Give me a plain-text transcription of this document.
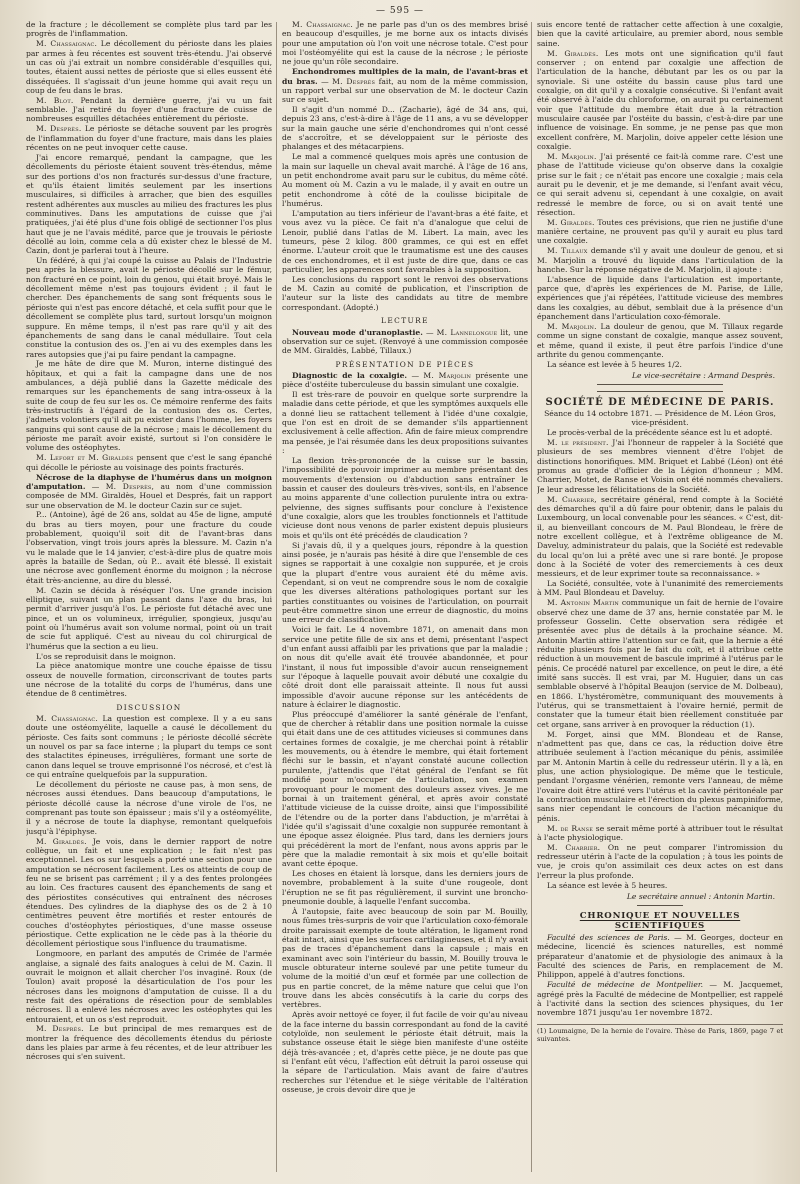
— 595 —

de la fracture ; le décollement se complète plus tard par les progrès de l'inflammation.

M. Chassaignac. Le décollement du périoste dans les plaies par armes à feu récentes est souvent très-étendu. J'ai observé un cas où j'ai extrait un nombre considérable d'esquilles qui, toutes, étaient aussi nettes de périoste que si elles eussent été disséquées. Il s'agissait d'un jeune homme qui avait reçu un coup de feu dans le bras.

M. Blot. Pendant la dernière guerre, j'ai vu un fait semblable. J'ai retiré du foyer d'une fracture de cuisse de nombreuses esquilles détachées entièrement du périoste.

M. Desprès. Le périoste se détache souvent par les progrès de l'inflammation du foyer d'une fracture, mais dans les plaies récentes on ne peut invoquer cette cause.

J'ai encore remarqué, pendant la campagne, que les décollements du périoste étaient souvent très-étendus, même sur des portions d'os non fracturés sur-dessus d'une fracture, et qu'ils étaient limités seulement par les insertions musculaires, si difficiles à arracher, que bien des esquilles restent adhérentes aux muscles au milieu des fractures les plus comminutives. Dans les amputations de cuisse que j'ai pratiquées, j'ai été plus d'une fois obligé de sectionner l'os plus haut que je ne l'avais médité, parce que je trouvais le périoste décollé au loin, comme cela a dû exister chez le blessé de M. Cazin, dont je parlerai tout à l'heure.

Un fédéré, à qui j'ai coupé la cuisse au Palais de l'Industrie peu après la blessure, avait le périoste décollé sur le fémur, non fracturé en ce point, loin du genou, qui était broyé. Mais le décollement même n'est pas toujours évident ; il faut le chercher. Des épanchements de sang sont fréquents sous le périoste qui n'est pas encore détaché, et cela suffit pour que le décollement se complète plus tard, surtout lorsqu'un moignon suppure. En même temps, il n'est pas rare qu'il y ait des épanchements de sang dans le canal médullaire. Tout cela constitue la contusion des os. J'en ai vu des exemples dans les rares autopsies que j'ai pu faire pendant la campagne.

Je me hâte de dire que M. Muron, interne distingué des hôpitaux, et qui a fait la campagne dans une de nos ambulances, a déjà publié dans la Gazette médicale des remarques sur les épanchements de sang intra-osseux à la suite de coup de feu sur les os. Ce mémoire renferme des faits très-instructifs à l'égard de la contusion des os. Certes, j'admets volontiers qu'il ait pu exister dans l'homme, les foyers sanguins qui sont cause de la nécrose ; mais le décollement du périoste me paraît avoir existé, surtout si l'on considère le volume des ostéophytes.

M. Lefort et M. Giraldès pensent que c'est le sang épanché qui décolle le périoste au voisinage des points fracturés.

Nécrose de la diaphyse de l'humérus dans un moignon d'amputation. — M. Desprès, au nom d'une commission composée de MM. Giraldès, Houel et Després, fait un rapport sur une observation de M. le docteur Cazin sur ce sujet.

P... (Antoine), âgé de 26 ans, soldat au 45e de ligne, amputé du bras au tiers moyen, pour une fracture du coude probablement, quoiqu'il soit dit de l'avant-bras dans l'observation, vingt trois jours après la blessure. M. Cazin n'a vu le malade que le 14 janvier, c'est-à-dire plus de quatre mois après la bataille de Sedan, où P... avait été blessé. Il existait une nécrose avec gonflement énorme du moignon ; la nécrose était très-ancienne, au dire du blessé.

M. Cazin se décida à réséquer l'os. Une grande incision elliptique, suivant un plan passant dans l'axe du bras, lui permit d'arriver jusqu'à l'os. Le périoste fut détaché avec une pince, et un os volumineux, irrégulier, spongieux, jusqu'au point où l'humérus avait son volume normal, point où un trait de scie fut appliqué. C'est au niveau du col chirurgical de l'humérus que la section a eu lieu.

L'os se reproduisit dans le moignon.

La pièce anatomique montre une couche épaisse de tissu osseux de nouvelle formation, circonscrivant de toutes parts une nécrose de la totalité du corps de l'humérus, dans une étendue de 8 centimètres.

DISCUSSION

M. Chassaignac. La question est complexe. Il y a eu sans doute une ostéomyélite, laquelle a causé le décollement du périoste. Ces faits sont communs ; le périoste décollé sécrète un nouvel os par sa face interne ; la plupart du temps ce sont des stalactites épineuses, irrégulières, formant une sorte de canon dans lequel se trouve emprisonné l'os nécrosé, et c'est là ce qui entraîne quelquefois par la suppuration.

Le décollement du périoste ne cause pas, à mon sens, de nécroses aussi étendues. Dans beaucoup d'amputations, le périoste décollé cause la nécrose d'une virole de l'os, ne comprenant pas toute son épaisseur ; mais s'il y a ostéomyélite, il y a nécrose de toute la diaphyse, remontant quelquefois jusqu'à l'épiphyse.

M. Giraldès. Je vois, dans le dernier rapport de notre collègue, un fait et une explication ; le fait n'est pas exceptionnel. Les os sur lesquels a porté une section pour une amputation se nécrosent facilement. Les os atteints de coup de feu ne se brisent pas carrément ; il y a des fentes prolongées au loin. Ces fractures causent des épanchements de sang et des périostites consécutives qui entraînent des nécroses étendues. Des cylindres de la diaphyse des os de 2 à 10 centimètres peuvent être mortifiés et rester entourés de couches d'ostéophytes périostiques, d'une masse osseuse périostique. Cette explication ne le cède pas à la théorie du décollement périostique sous l'influence du traumatisme.

Longmoore, en parlant des amputés de Crimée de l'armée anglaise, a signalé des faits analogues à celui de M. Cazin. Il ouvrait le moignon et allait chercher l'os invaginé. Roux (de Toulon) avait proposé la désarticulation de l'os pour les nécroses dans les moignons d'amputation de cuisse. Il a du reste fait des opérations de résection pour de semblables nécroses. Il a enlevé les nécroses avec les ostéophytes qui les entouraient, et un os s'est reproduit.

M. Desprès. Le but principal de mes remarques est de montrer la fréquence des décollements étendus du périoste dans les plaies par arme à feu récentes, et de leur attribuer les nécroses qui s'en suivent.

M. Chassaignac. Je ne parle pas d'un os des membres brisé en beaucoup d'esquilles, je me borne aux os intacts divisés pour une amputation où l'on voit une nécrose totale. C'est pour moi l'ostéomyélite qui est la cause de la nécrose ; le périoste ne joue qu'un rôle secondaire.

Enchondromes multiples de la main, de l'avant-bras et du bras. — M. Desprès fait, au nom de la même commission, un rapport verbal sur une observation de M. le docteur Cazin sur ce sujet.

Il s'agit d'un nommé D... (Zacharie), âgé de 34 ans, qui, depuis 23 ans, c'est-à-dire à l'âge de 11 ans, a vu se développer sur la main gauche une série d'enchondromes qui n'ont cessé de s'accroître, et se développaient sur le périoste des phalanges et des métacarpiens.

Le mal a commencé quelques mois après une contusion de la main sur laquelle un cheval avait marché. À l'âge de 16 ans, un petit enchondrome avait paru sur le cubitus, du même côté. Au moment où M. Cazin a vu le malade, il y avait en outre un petit enchondrome à côté de la coulisse bicipitale de l'humérus.

L'amputation au tiers inférieur de l'avant-bras a été faite, et vous avez vu la pièce. Ce fait n'a d'analogue que celui de Lenoir, publié dans l'atlas de M. Libert. La main, avec les tumeurs, pèse 2 kilog. 800 grammes, ce qui est en effet énorme. L'auteur croit que le traumatisme est une des causes de ces enchondromes, et il est juste de dire que, dans ce cas particulier, les apparences sont favorables à la supposition.

Les conclusions du rapport sont le renvoi des observations de M. Cazin au comité de publication, et l'inscription de l'auteur sur la liste des candidats au titre de membre correspondant. (Adopté.)

LECTURE

Nouveau mode d'uranoplastie. — M. Lannelongue lit, une observation sur ce sujet. (Renvoyé à une commission composée de MM. Giraldès, Labbé, Tillaux.)

PRÉSENTATION DE PIÈCES

Diagnostic de la coxalgie. — M. Marjolin présente une pièce d'ostéite tuberculeuse du bassin simulant une coxalgie.

Il est très-rare de pouvoir en quelque sorte surprendre la maladie dans cette période, et que les symptômes auxquels elle a donné lieu se rattachent tellement à l'idée d'une coxalgie, que l'on est en droit de se demander s'ils appartiennent exclusivement à celle affection. Afin de faire mieux comprendre ma pensée, je l'ai résumée dans les deux propositions suivantes :

La flexion très-prononcée de la cuisse sur le bassin, l'impossibilité de pouvoir imprimer au membre présentant des mouvements d'extension ou d'abduction sans entraîner le bassin et causer des douleurs très-vives, sont-ils, en l'absence au moins apparente d'une collection purulente intra ou extra-pelvienne, des signes suffisants pour conclure à l'existence d'une coxalgie, alors que les troubles fonctionnels et l'attitude vicieuse dont nous venons de parler existent depuis plusieurs mois et qu'ils ont été précédés de claudication ?

Si j'avais dû, il y a quelques jours, répondre à la question ainsi posée, je n'aurais pas hésité à dire que l'ensemble de ces signes se rapportait à une coxalgie non suppurée, et je crois que la plupart d'entre vous auraient été du même avis. Cependant, si on veut ne comprendre sous le nom de coxalgie que les diverses altérations pathologiques portant sur les parties constituantes ou voisines de l'articulation, on pourrait peut-être commettre sinon une erreur de diagnostic, du moins une erreur de classification.

Voici le fait. Le 4 novembre 1871, on amenait dans mon service une petite fille de six ans et demi, présentant l'aspect d'un enfant aussi affaibli par les privations que par la maladie ; on nous dit qu'elle avait été trouvée abandonnée, et pour l'instant, il nous fut impossible d'avoir aucun renseignement sur l'époque à laquelle pouvait avoir débuté une coxalgie du côté droit dont elle paraissait atteinte. Il nous fut aussi impossible d'avoir aucune réponse sur les antécédents de nature à éclairer le diagnostic.

Plus préoccupé d'améliorer la santé générale de l'enfant, que de chercher à rétablir dans une position normale la cuisse qui était dans une de ces attitudes vicieuses si communes dans certaines formes de coxalgie, je me cherchai point à rétablir les mouvements, ou à étendre le membre, qui était fortement fléchi sur le bassin, et n'ayant constaté aucune collection purulente, j'attendis que l'état général de l'enfant se fût modifié pour m'occuper de l'articulation, son examen provoquant pour le moment des douleurs assez vives. Je me bornai à un traitement général, et après avoir constaté l'attitude vicieuse de la cuisse droite, ainsi que l'impossibilité de l'étendre ou de la porter dans l'abduction, je m'arrêtai à l'idée qu'il s'agissait d'une coxalgie non suppurée remontant à une époque assez éloignée. Plus tard, dans les derniers jours qui précédèrent la mort de l'enfant, nous avons appris par le père que la maladie remontait à six mois et qu'elle boitait avant cette époque.

Les choses en étaient là lorsque, dans les derniers jours de novembre, probablement à la suite d'une rougeole, dont l'éruption ne se fit pas régulièrement, il survint une broncho-pneumonie double, à laquelle l'enfant succomba.

À l'autopsie, faite avec beaucoup de soin par M. Bouilly, nous fûmes très-surpris de voir que l'articulation coxo-fémorale droite paraissait exempte de toute altération, le ligament rond était intact, ainsi que les surfaces cartilagineuses, et il n'y avait pas de traces d'épanchement dans la capsule ; mais en examinant avec soin l'intérieur du bassin, M. Bouilly trouva le muscle obturateur interne soulevé par une petite tumeur du volume de la moitié d'un œuf et formée par une collection de pus en partie concret, de la même nature que celui que l'on trouve dans les abcès consécutifs à la carie du corps des vertèbres.

Après avoir nettoyé ce foyer, il fut facile de voir qu'au niveau de la face interne du bassin correspondant au fond de la cavité cotyloïde, non seulement le périoste était détruit, mais la substance osseuse était le siège bien manifeste d'une ostéite déjà très-avancée ; et, d'après cette pièce, je ne doute pas que si l'enfant eût vécu, l'affection eût détruit la paroi osseuse qui la sépare de l'articulation. Mais avant de faire d'autres recherches sur l'étendue et le siège véritable de l'altération osseuse, je crois devoir dire que je

suis encore tenté de rattacher cette affection à une coxalgie, bien que la cavité articulaire, au premier abord, nous semble saine.

M. Giraldès. Les mots ont une signification qu'il faut conserver ; on entend par coxalgie une affection de l'articulation de la hanche, débutant par les os ou par la synoviale. Si une ostéite du bassin cause plus tard une coxalgie, on dit qu'il y a coxalgie consécutive. Si l'enfant avait été observé à l'aide du chloroforme, on aurait pu certainement voir que l'attitude du membre était due à la rétraction musculaire causée par l'ostéite du bassin, c'est-à-dire par une influence de voisinage. En somme, je ne pense pas que mon excellent confrère, M. Marjolin, doive appeler cette lésion une coxalgie.

M. Marjolin. J'ai présenté ce fait-là comme rare. C'est une phase de l'attitude vicieuse qu'on observe dans la coxalgie prise sur le fait ; ce n'était pas encore une coxalgie ; mais cela aurait pu le devenir, et je me demande, si l'enfant avait vécu, ce qui serait advenu si, cependant à une coxalgie, on avait redressé le membre de force, ou si on avait tenté une résection.

M. Giraldès. Toutes ces prévisions, que rien ne justifie d'une manière certaine, ne prouvent pas qu'il y aurait eu plus tard une coxalgie.

M. Tillaux demande s'il y avait une douleur de genou, et si M. Marjolin a trouvé du liquide dans l'articulation de la hanche. Sur la réponse négative de M. Marjolin, il ajoute :

L'absence de liquide dans l'articulation est importante, parce que, d'après les expériences de M. Parise, de Lille, expériences que j'ai répétées, l'attitude vicieuse des membres dans les coxalgies, au début, semblait due à la présence d'un épanchement dans l'articulation coxo-fémorale.

M. Marjolin. La douleur de genou, que M. Tillaux regarde comme un signe constant de coxalgie, manque assez souvent, et même, quand il existe, il peut être parfois l'indice d'une arthrite du genou commençante.

La séance est levée à 5 heures 1/2.

Le vice-secrétaire : Armand Desprès.

SOCIÉTÉ DE MÉDECINE DE PARIS.

Séance du 14 octobre 1871. — Présidence de M. Léon Gros, vice-président.

Le procès-verbal de la précédente séance est lu et adopté.

M. le président. J'ai l'honneur de rappeler à la Société que plusieurs de ses membres viennent d'être l'objet de distinctions honorifiques. MM. Briquet et Labbé (Léon) ont été promus au grade d'officier de la Légion d'honneur ; MM. Charrier, Motet, de Ranse et Voisin ont été nommés chevaliers. Je leur adresse les félicitations de la Société.

M. Charrier, secrétaire général, rend compte à la Société des démarches qu'il a dû faire pour obtenir, dans le palais du Luxembourg, un local convenable pour les séances. « C'est, dit-il, au bienveillant concours de M. Paul Blondeau, le frère de notre excellent collègue, et à l'extrême obligeance de M. Daveluy, administrateur du palais, que la Société est redevable du local qu'on lui a prêté avec une si rare bonté. Je propose donc à la Société de voter des remerciements à ces deux messieurs, et de leur exprimer toute sa reconnaissance. »

La Société, consultée, vote à l'unanimité des remerciements à MM. Paul Blondeau et Daveluy.

M. Antonin Martin communique un fait de hernie de l'ovaire observé chez une dame de 37 ans, hernie constatée par M. le professeur Gosselin. Cette observation sera rédigée et présentée avec plus de détails à la prochaine séance. M. Antonin Martin attire l'attention sur ce fait, que la hernie a été réduite plusieurs fois par le fait du coït, et il attribue cette réduction à un mouvement de bascule imprimé à l'utérus par le pénis. Ce procédé naturel par excellence, on peut le dire, a été imité sans succès. Il est vrai, par M. Huguier, dans un cas semblable observé à l'hôpital Beaujon (service de M. Dolbeau), en 1866. L'hystéromètre, communiquant des mouvements à l'utérus, qui se transmettaient à l'ovaire hernié, permit de constater que la tumeur était bien réellement constituée par cet organe, sans arriver à en provoquer la réduction (1).

M. Forget, ainsi que MM. Blondeau et de Ranse, n'admettent pas que, dans ce cas, la réduction doive être attribuée seulement à l'action mécanique du pénis, assimilée par M. Antonin Martin à celle du redresseur utérin. Il y a là, en plus, une action physiologique. De même que le testicule, pendant l'orgasme vénérien, remonte vers l'anneau, de même l'ovaire doit être attiré vers l'utérus et la cavité péritonéale par la contraction musculaire et l'érection du plexus pampiniforme, sans nier cependant le concours de l'action mécanique du pénis.

M. de Ranse se serait même porté à attribuer tout le résultat à l'acte physiologique.

M. Charrier. On ne peut comparer l'intromission du redresseur utérin à l'acte de la copulation ; à tous les points de vue, je crois qu'on assimilait ces deux actes on est dans l'erreur la plus profonde.

La séance est levée à 5 heures.

Le secrétaire annuel : Antonin Martin.

CHRONIQUE ET NOUVELLES SCIENTIFIQUES

Faculté des sciences de Paris. — M. Georges, docteur en médecine, licencié ès sciences naturelles, est nommé préparateur d'anatomie et de physiologie des animaux à la Faculté des sciences de Paris, en remplacement de M. Philippon, appelé à d'autres fonctions.

Faculté de médecine de Montpellier. — M. Jacquemet, agrégé près la Faculté de médecine de Montpellier, est rappelé à l'activité dans la section des sciences physiques, du 1er novembre 1871 jusqu'au 1er novembre 1872.

(1) Loumaigne, De la hernie de l'ovaire. Thèse de Paris, 1869, page 7 et suivantes.
